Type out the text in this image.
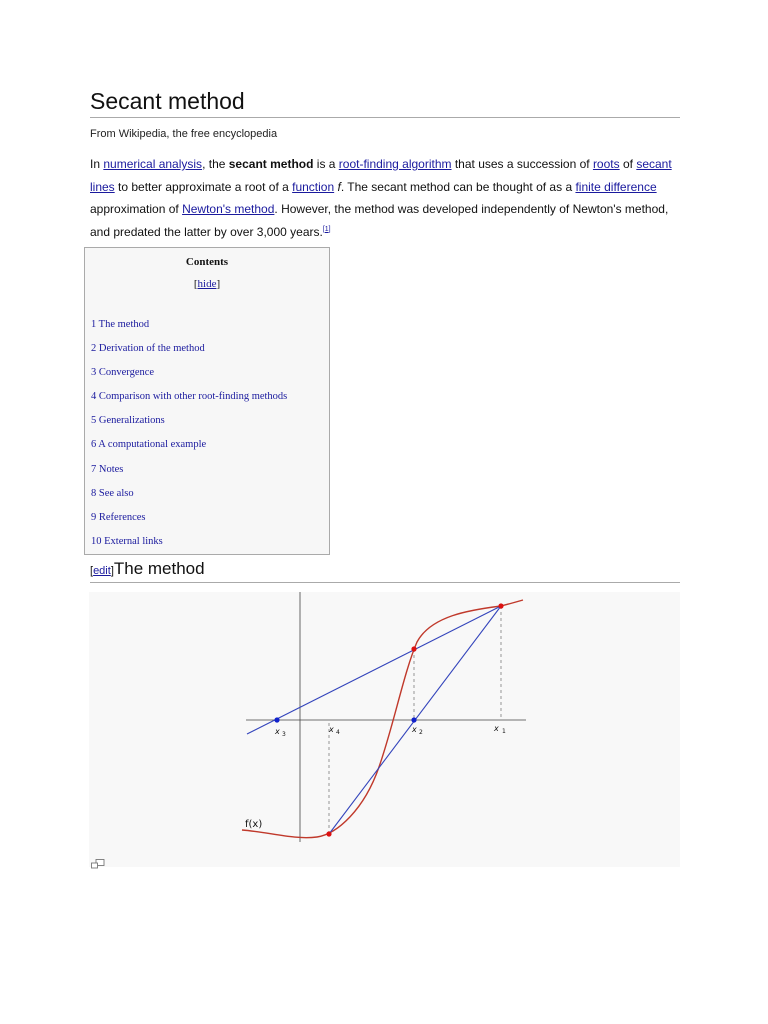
Secant method
From Wikipedia, the free encyclopedia
In numerical analysis, the secant method is a root-finding algorithm that uses a succession of roots of secant lines to better approximate a root of a function f. The secant method can be thought of as a finite difference approximation of Newton's method. However, the method was developed independently of Newton's method, and predated the latter by over 3,000 years.[1]
Contents
[hide]
1 The method
2 Derivation of the method
3 Convergence
4 Comparison with other root-finding methods
5 Generalizations
6 A computational example
7 Notes
8 See also
9 References
10 External links
[edit]The method
x 3
x 4	x 2	x 1
f(x)
